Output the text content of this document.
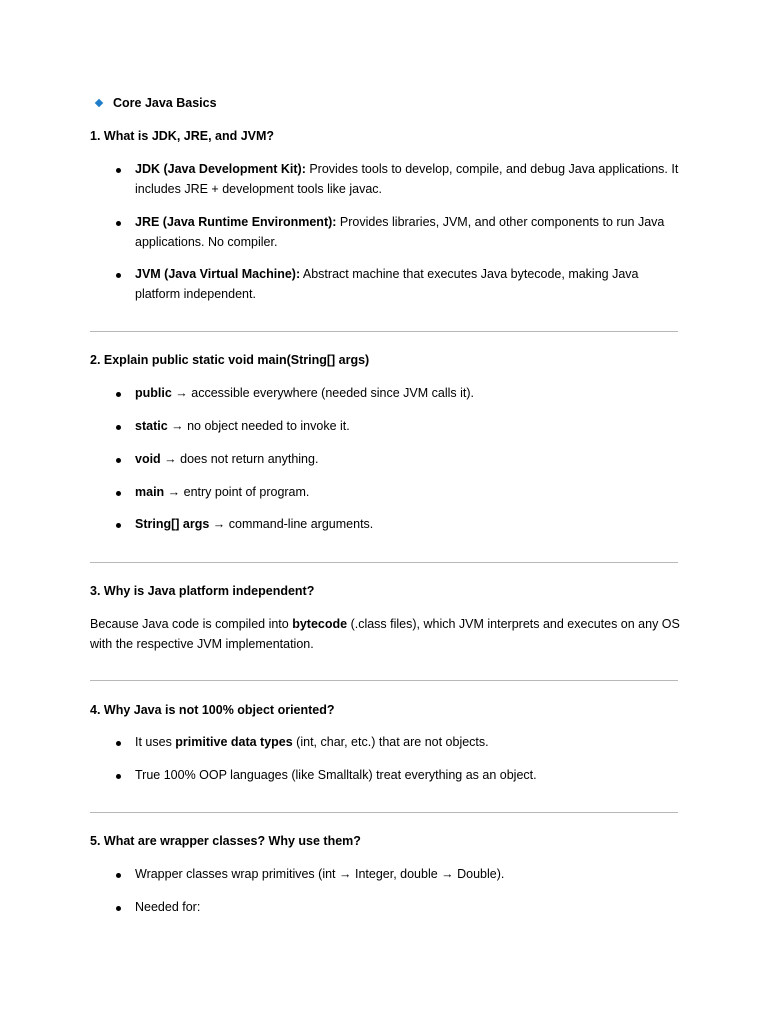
Core Java Basics
1. What is JDK, JRE, and JVM?
JDK (Java Development Kit): Provides tools to develop, compile, and debug Java applications. It includes JRE + development tools like javac.
JRE (Java Runtime Environment): Provides libraries, JVM, and other components to run Java applications. No compiler.
JVM (Java Virtual Machine): Abstract machine that executes Java bytecode, making Java platform independent.
2. Explain public static void main(String[] args)
public → accessible everywhere (needed since JVM calls it).
static → no object needed to invoke it.
void → does not return anything.
main → entry point of program.
String[] args → command-line arguments.
3. Why is Java platform independent?
Because Java code is compiled into bytecode (.class files), which JVM interprets and executes on any OS with the respective JVM implementation.
4. Why Java is not 100% object oriented?
It uses primitive data types (int, char, etc.) that are not objects.
True 100% OOP languages (like Smalltalk) treat everything as an object.
5. What are wrapper classes? Why use them?
Wrapper classes wrap primitives (int → Integer, double → Double).
Needed for:
